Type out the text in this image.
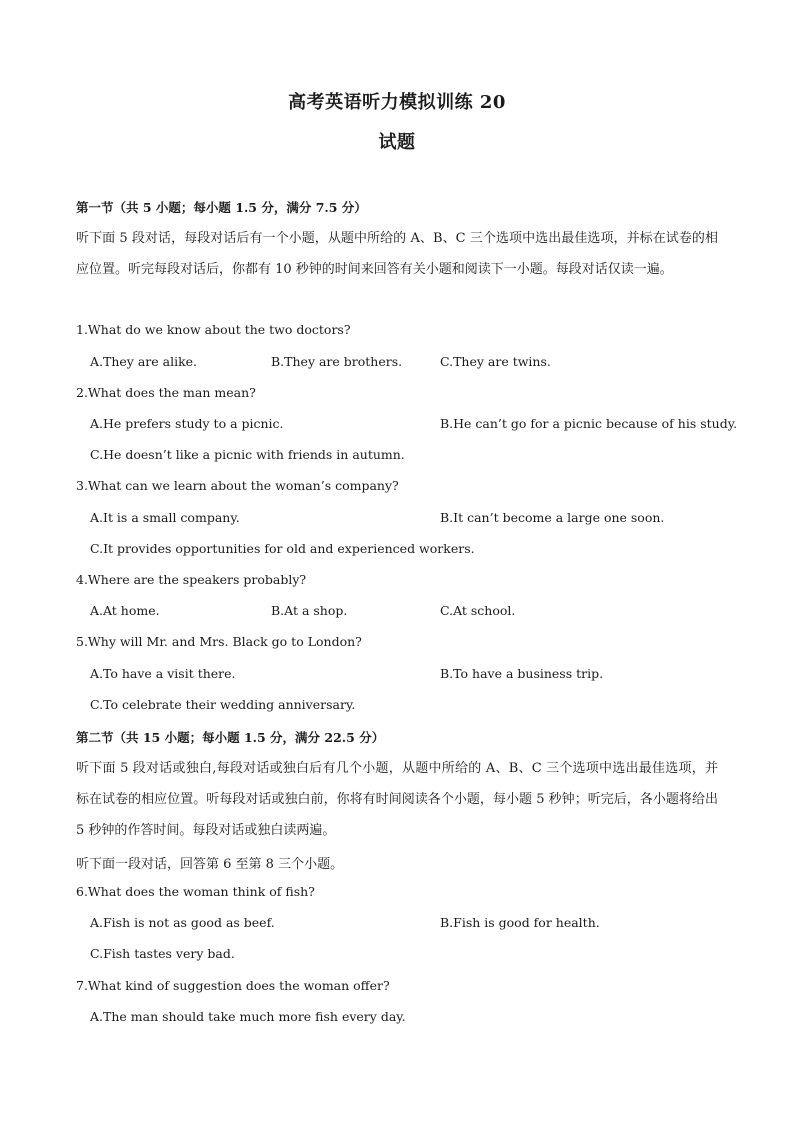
高考英语听力模拟训练 20
试题
第一节（共 5 小题；每小题 1.5 分，满分 7.5 分）
听下面 5 段对话，每段对话后有一个小题，从题中所给的 A、B、C 三个选项中选出最佳选项，并标在试卷的相应位置。听完每段对话后，你都有 10 秒钟的时间来回答有关小题和阅读下一小题。每段对话仅读一遍。
1.What do we know about the two doctors?
A.They are alike.	B.They are brothers.	C.They are twins.
2.What does the man mean?
A.He prefers study to a picnic.	B.He can’t go for a picnic because of his study.
C.He doesn’t like a picnic with friends in autumn.
3.What can we learn about the woman’s company?
A.It is a small company.	B.It can’t become a large one soon.
C.It provides opportunities for old and experienced workers.
4.Where are the speakers probably?
A.At home.	B.At a shop.	C.At school.
5.Why will Mr. and Mrs. Black go to London?
A.To have a visit there.	B.To have a business trip.
C.To celebrate their wedding anniversary.
第二节（共 15 小题；每小题 1.5 分，满分 22.5 分）
听下面 5 段对话或独白,每段对话或独白后有几个小题，从题中所给的 A、B、C 三个选项中选出最佳选项，并标在试卷的相应位置。听每段对话或独白前，你将有时间阅读各个小题，每小题 5 秒钟；听完后，各小题将给出 5 秒钟的作答时间。每段对话或独白读两遍。
听下面一段对话，回答第 6 至第 8 三个小题。
6.What does the woman think of fish?
A.Fish is not as good as beef.	B.Fish is good for health.
C.Fish tastes very bad.
7.What kind of suggestion does the woman offer?
A.The man should take much more fish every day.
